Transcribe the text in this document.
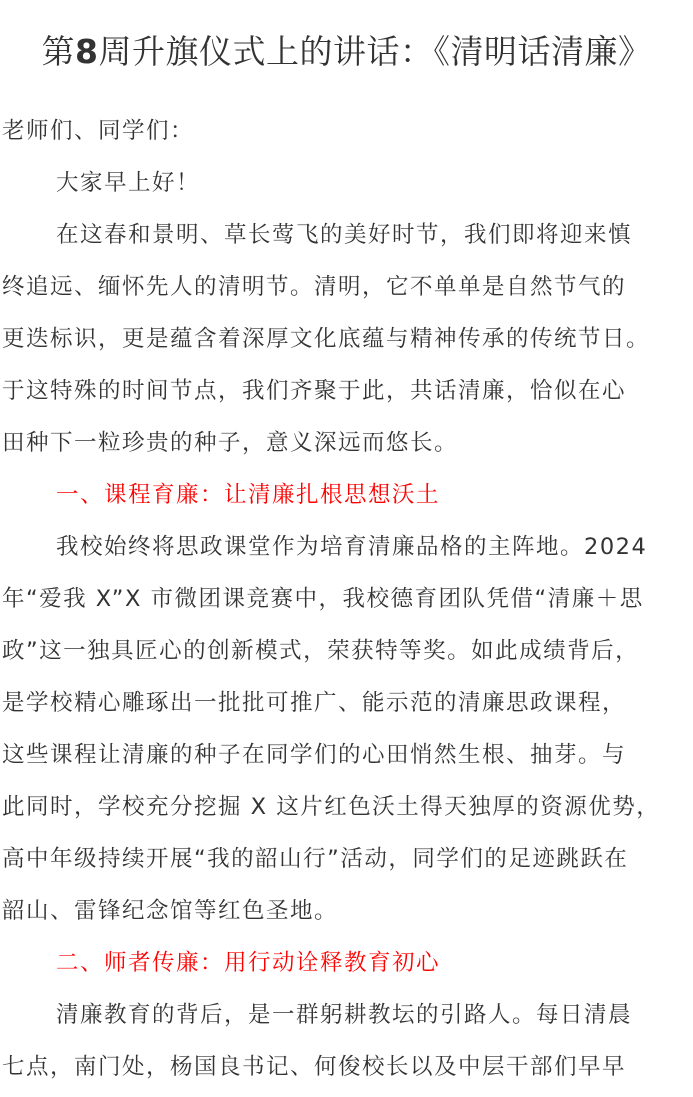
第8周升旗仪式上的讲话：《清明话清廉》
老师们、同学们：
大家早上好！
在这春和景明、草长莺飞的美好时节，我们即将迎来慎
终追远、缅怀先人的清明节。清明，它不单单是自然节气的
更迭标识，更是蕴含着深厚文化底蕴与精神传承的传统节日。
于这特殊的时间节点，我们齐聚于此，共话清廉，恰似在心
田种下一粒珍贵的种子，意义深远而悠长。
一、课程育廉：让清廉扎根思想沃土
我校始终将思政课堂作为培育清廉品格的主阵地。2024
年“爱我 X”X 市微团课竞赛中，我校德育团队凭借“清廉＋思
政”这一独具匠心的创新模式，荣获特等奖。如此成绩背后，
是学校精心雕琢出一批批可推广、能示范的清廉思政课程，
这些课程让清廉的种子在同学们的心田悄然生根、抽芽。与
此同时，学校充分挖掘 X 这片红色沃土得天独厚的资源优势，
高中年级持续开展“我的韶山行”活动，同学们的足迹跳跃在
韶山、雷锋纪念馆等红色圣地。
二、师者传廉：用行动诠释教育初心
清廉教育的背后，是一群躬耕教坛的引路人。每日清晨
七点，南门处，杨国良书记、何俊校长以及中层干部们早早
